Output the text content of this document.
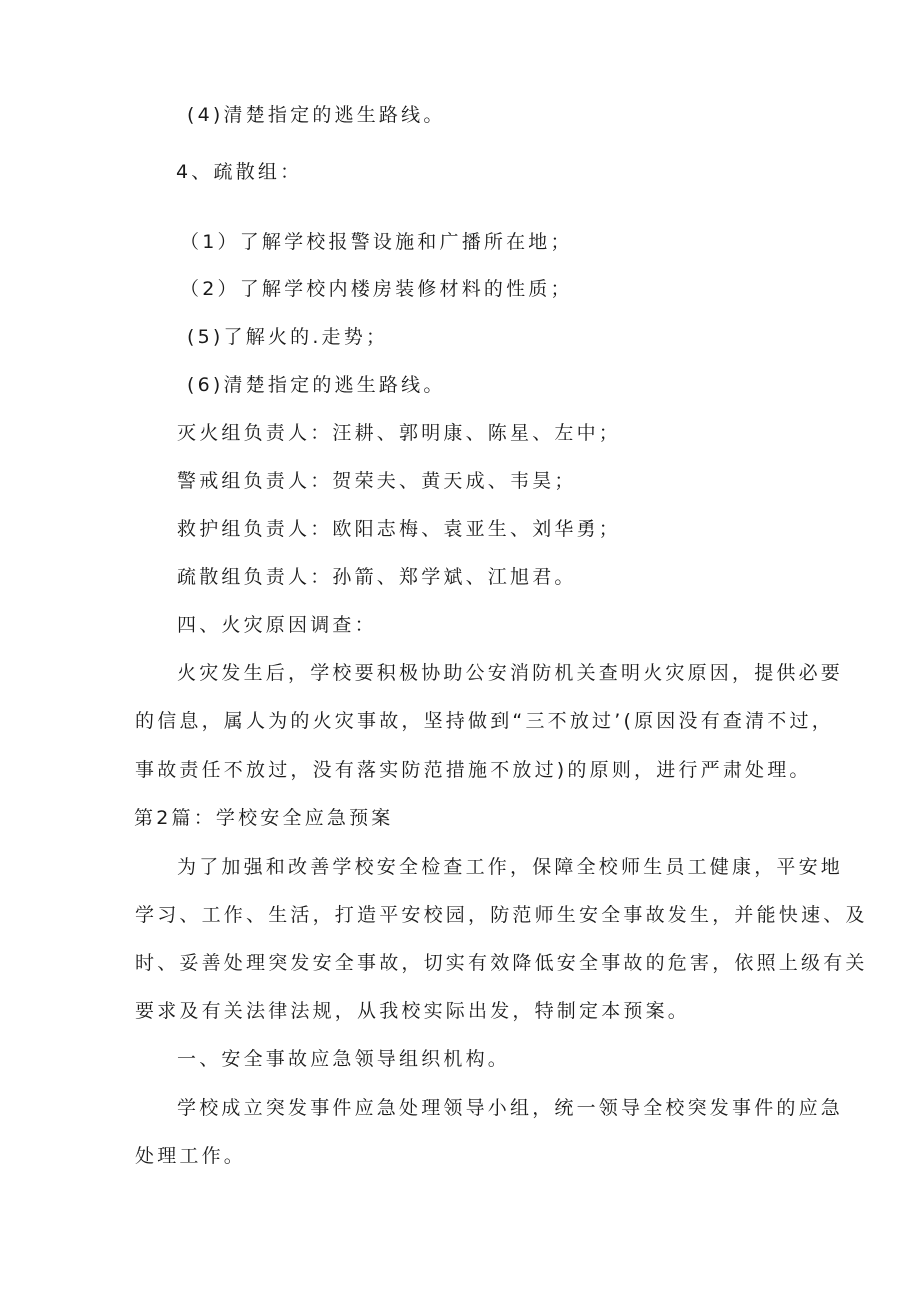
(4)清楚指定的逃生路线。
4、疏散组：
（1）了解学校报警设施和广播所在地；
（2）了解学校内楼房装修材料的性质；
(5)了解火的.走势；
(6)清楚指定的逃生路线。
灭火组负责人：汪耕、郭明康、陈星、左中；
警戒组负责人：贺荣夫、黄天成、韦昊；
救护组负责人：欧阳志梅、袁亚生、刘华勇；
疏散组负责人：孙箭、郑学斌、江旭君。
四、火灾原因调查：
火灾发生后，学校要积极协助公安消防机关查明火灾原因，提供必要
的信息，属人为的火灾事故，坚持做到“三不放过’(原因没有查清不过，
事故责任不放过，没有落实防范措施不放过)的原则，进行严肃处理。
第2篇：学校安全应急预案
为了加强和改善学校安全检查工作，保障全校师生员工健康，平安地
学习、工作、生活，打造平安校园，防范师生安全事故发生，并能快速、及
时、妥善处理突发安全事故，切实有效降低安全事故的危害，依照上级有关
要求及有关法律法规，从我校实际出发，特制定本预案。
一、安全事故应急领导组织机构。
学校成立突发事件应急处理领导小组，统一领导全校突发事件的应急
处理工作。
